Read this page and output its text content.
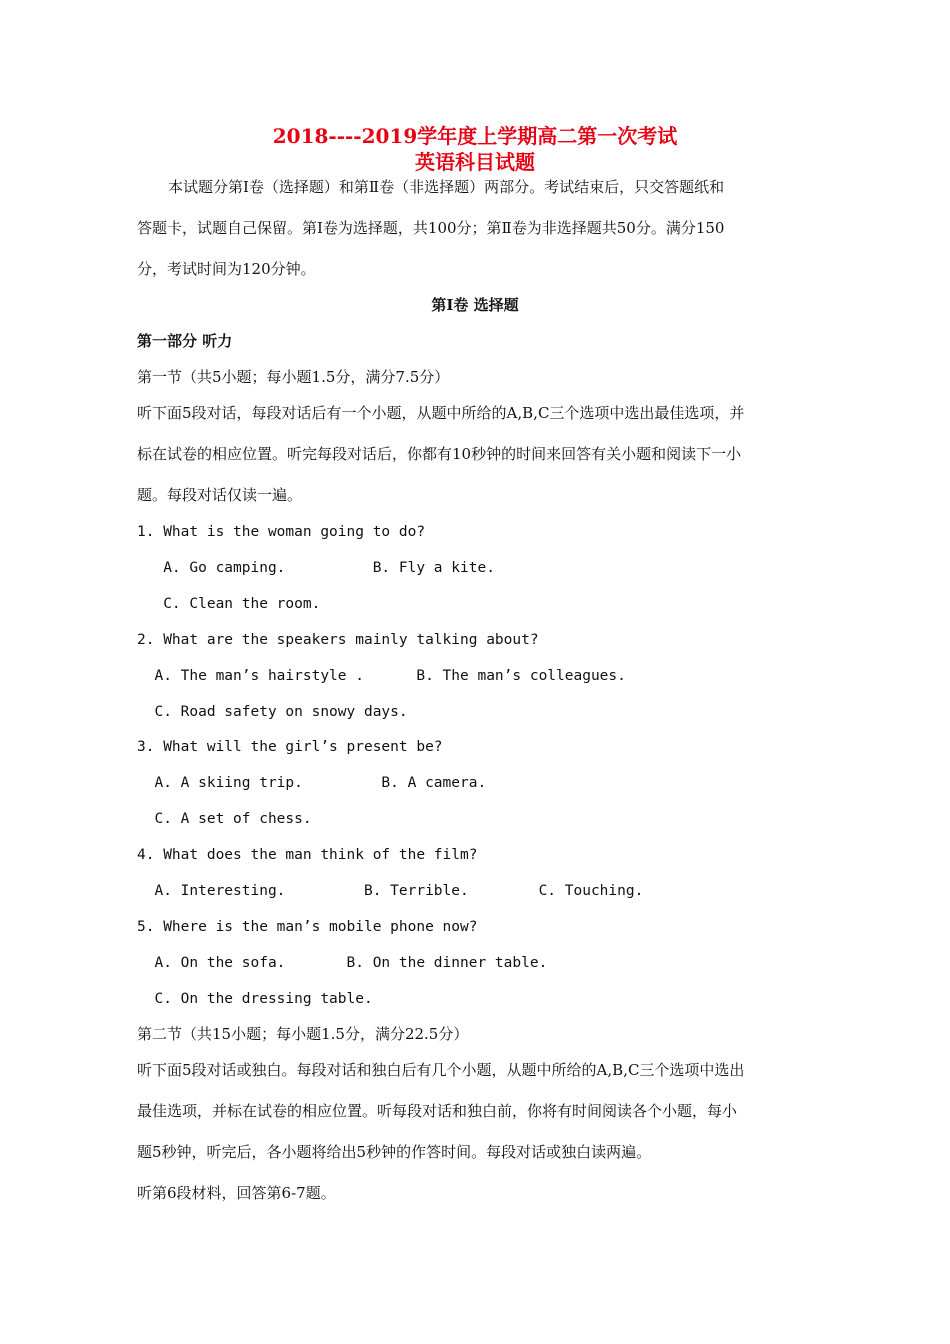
2018----2019学年度上学期高二第一次考试
英语科目试题
本试题分第Ⅰ卷（选择题）和第Ⅱ卷（非选择题）两部分。考试结束后，只交答题纸和
答题卡，试题自己保留。第Ⅰ卷为选择题，共100分；第Ⅱ卷为非选择题共50分。满分150
分，考试时间为120分钟。
第Ⅰ卷 选择题
第一部分 听力
第一节（共5小题；每小题1.5分，满分7.5分）
听下面5段对话，每段对话后有一个小题，从题中所给的A,B,C三个选项中选出最佳选项，并
标在试卷的相应位置。听完每段对话后，你都有10秒钟的时间来回答有关小题和阅读下一小
题。每段对话仅读一遍。
1. What is the woman going to do?
A. Go camping.          B. Fly a kite.
C. Clean the room.
2. What are the speakers mainly talking about?
A. The man’s hairstyle .      B. The man’s colleagues.
C. Road safety on snowy days.
3. What will the girl’s present be?
A. A skiing trip.         B. A camera.
C. A set of chess.
4. What does the man think of the film?
A. Interesting.         B. Terrible.        C. Touching.
5. Where is the man’s mobile phone now?
A. On the sofa.       B. On the dinner table.
C. On the dressing table.
第二节（共15小题；每小题1.5分，满分22.5分）
听下面5段对话或独白。每段对话和独白后有几个小题，从题中所给的A,B,C三个选项中选出
最佳选项，并标在试卷的相应位置。听每段对话和独白前，你将有时间阅读各个小题，每小
题5秒钟，听完后，各小题将给出5秒钟的作答时间。每段对话或独白读两遍。
听第6段材料，回答第6-7题。
